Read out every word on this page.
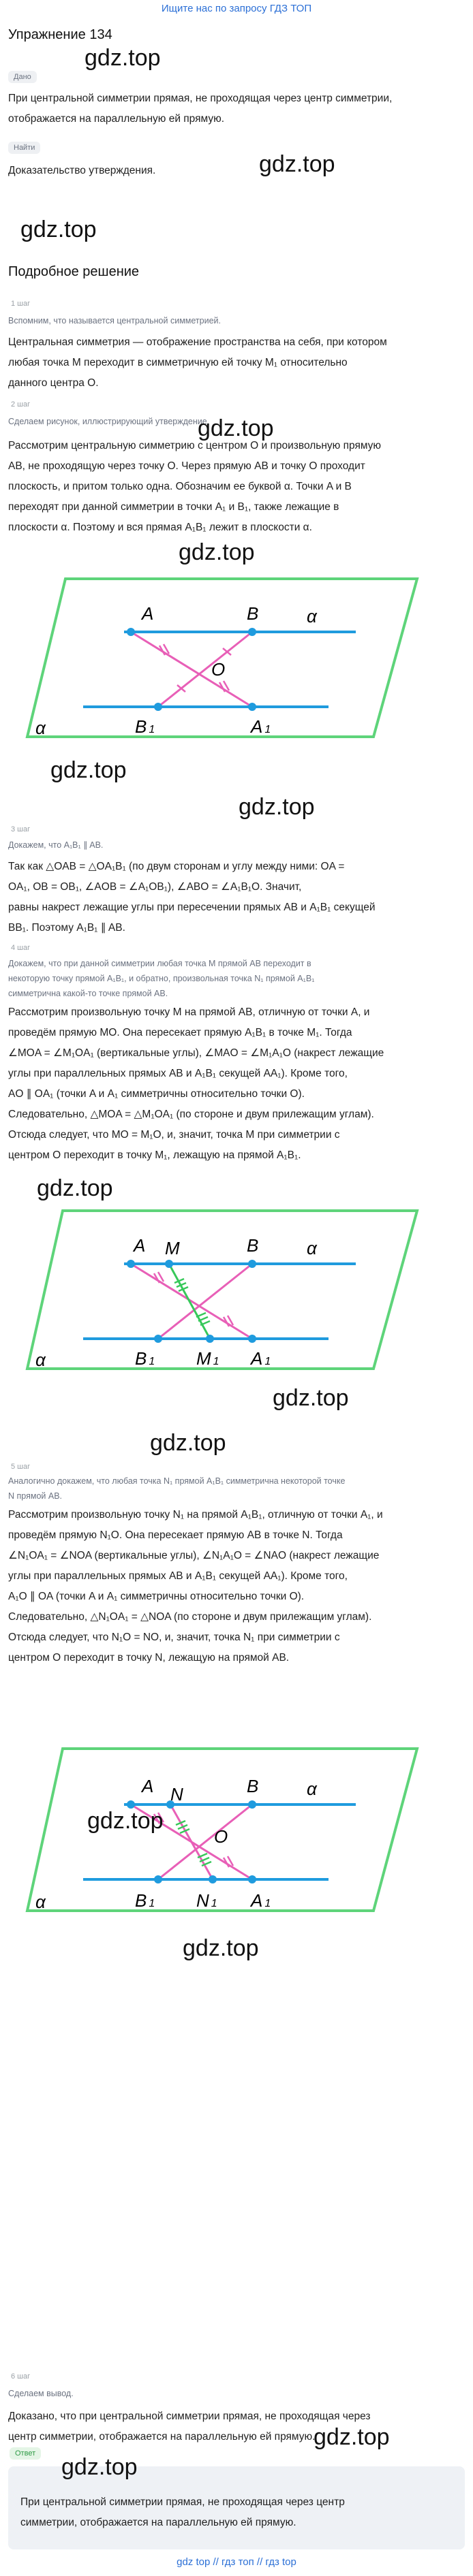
Ищите нас по запросу ГДЗ ТОП
Упражнение 134
gdz.top
Дано
При центральной симметрии прямая, не проходящая через центр симметрии,
отображается на параллельную ей прямую.
Найти
Доказательство утверждения.	gdz.top
gdz.top
Подробное решение
1 шаг
Вспомним, что называется центральной симметрией.
Центральная симметрия — отображение пространства на себя, при котором
любая точка M переходит в симметричную ей точку M₁ относительно
данного центра O.
2 шаг
Сделаем рисунок, иллюстрирующий утверждение.
gdz.top
Рассмотрим центральную симметрию с центром O и произвольную прямую
AB, не проходящую через точку O. Через прямую AB и точку O проходит
плоскость, и притом только одна. Обозначим ее буквой α. Точки A и B
переходят при данной симметрии в точки A₁ и B₁, также лежащие в
плоскости α. Поэтому и вся прямая A₁B₁ лежит в плоскости α.
gdz.top
A	B	α
O
α	B 1	A 1
gdz.top
gdz.top
3 шаг
Докажем, что A₁B₁ ∥ AB.
Так как △OAB = △OA₁B₁ (по двум сторонам и углу между ними: OA =
OA₁, OB = OB₁, ∠AOB = ∠A₁OB₁), ∠ABO = ∠A₁B₁O. Значит,
равны накрест лежащие углы при пересечении прямых AB и A₁B₁ секущей
BB₁. Поэтому A₁B₁ ∥ AB.
4 шаг
Докажем, что при данной симметрии любая точка M прямой AB переходит в
некоторую точку прямой A₁B₁, и обратно, произвольная точка N₁ прямой A₁B₁
симметрична какой-то точке прямой AB.
Рассмотрим произвольную точку M на прямой AB, отличную от точки A, и
проведём прямую MO. Она пересекает прямую A₁B₁ в точке M₁. Тогда
∠MOA = ∠M₁OA₁ (вертикальные углы), ∠MAO = ∠M₁A₁O (накрест лежащие
углы при параллельных прямых AB и A₁B₁ секущей AA₁). Кроме того,
AO ∥ OA₁ (точки A и A₁ симметричны относительно точки O).
Следовательно, △MOA = △M₁OA₁ (по стороне и двум прилежащим углам).
Отсюда следует, что MO = M₁O, и, значит, точка M при симметрии с
центром O переходит в точку M₁, лежащую на прямой A₁B₁.
gdz.top
A M	B	α
α	B 1 M 1 A 1
gdz.top
gdz.top
5 шаг
Аналогично докажем, что любая точка N₁ прямой A₁B₁ симметрична некоторой точке
N прямой AB.
Рассмотрим произвольную точку N₁ на прямой A₁B₁, отличную от точки A₁, и
проведём прямую N₁O. Она пересекает прямую AB в точке N. Тогда
∠N₁OA₁ = ∠NOA (вертикальные углы), ∠N₁A₁O = ∠NAO (накрест лежащие
углы при параллельных прямых AB и A₁B₁ секущей AA₁). Кроме того,
A₁O ∥ OA (точки A и A₁ симметричны относительно точки O).
Следовательно, △N₁OA₁ = △NOA (по стороне и двум прилежащим углам).
Отсюда следует, что N₁O = NO, и, значит, точка N₁ при симметрии с
центром O переходит в точку N, лежащую на прямой AB.
A N	B	α
O
α	B 1 N 1 A 1
gdz.top
gdz.top
6 шаг
Сделаем вывод.
Доказано, что при центральной симметрии прямая, не проходящая через
центр симметрии, отображается на параллельную ей прямую.
gdz.top
Ответ
gdz.top
При центральной симметрии прямая, не проходящая через центр
симметрии, отображается на параллельную ей прямую.
gdz top // гдз топ // гдз top
